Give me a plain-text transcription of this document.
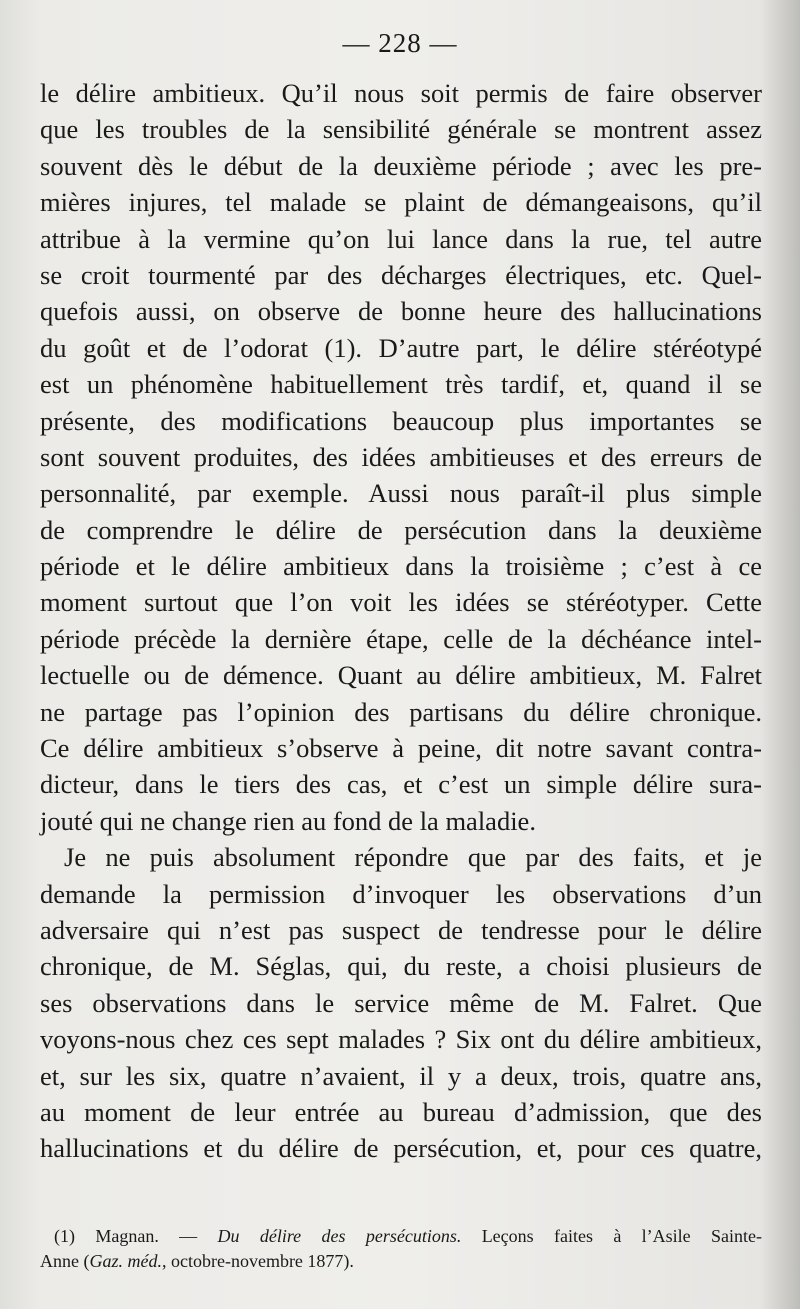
— 228 —
le délire ambitieux. Qu’il nous soit permis de faire observer
que les troubles de la sensibilité générale se montrent assez
souvent dès le début de la deuxième période ; avec les pre-
mières injures, tel malade se plaint de démangeaisons, qu’il
attribue à la vermine qu’on lui lance dans la rue, tel autre
se croit tourmenté par des décharges électriques, etc. Quel-
quefois aussi, on observe de bonne heure des hallucinations
du goût et de l’odorat (1). D’autre part, le délire stéréotypé
est un phénomène habituellement très tardif, et, quand il se
présente, des modifications beaucoup plus importantes se
sont souvent produites, des idées ambitieuses et des erreurs de
personnalité, par exemple. Aussi nous paraît-il plus simple
de comprendre le délire de persécution dans la deuxième
période et le délire ambitieux dans la troisième ; c’est à ce
moment surtout que l’on voit les idées se stéréotyper. Cette
période précède la dernière étape, celle de la déchéance intel-
lectuelle ou de démence. Quant au délire ambitieux, M. Falret
ne partage pas l’opinion des partisans du délire chronique.
Ce délire ambitieux s’observe à peine, dit notre savant contra-
dicteur, dans le tiers des cas, et c’est un simple délire sura-
jouté qui ne change rien au fond de la maladie.
Je ne puis absolument répondre que par des faits, et je
demande la permission d’invoquer les observations d’un
adversaire qui n’est pas suspect de tendresse pour le délire
chronique, de M. Séglas, qui, du reste, a choisi plusieurs de
ses observations dans le service même de M. Falret. Que
voyons-nous chez ces sept malades ? Six ont du délire ambitieux,
et, sur les six, quatre n’avaient, il y a deux, trois, quatre ans,
au moment de leur entrée au bureau d’admission, que des
hallucinations et du délire de persécution, et, pour ces quatre,
(1) Magnan. — Du délire des persécutions. Leçons faites à l’Asile Sainte-
Anne (Gaz. méd., octobre-novembre 1877).
